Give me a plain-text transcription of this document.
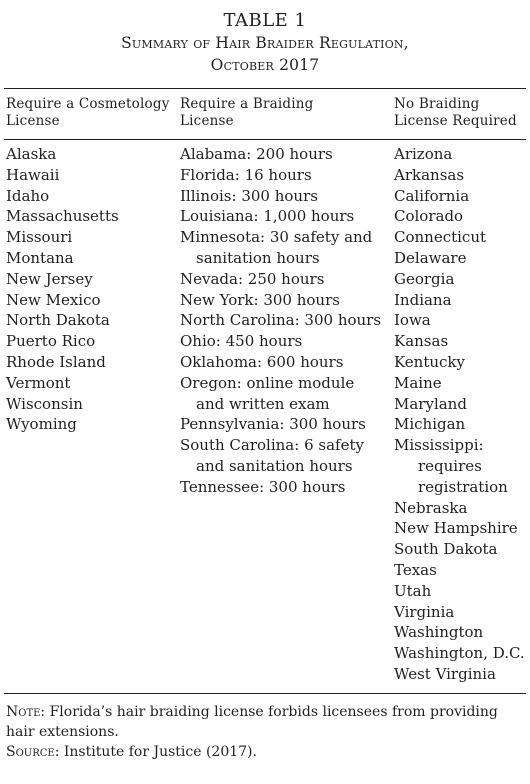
TABLE 1
Summary of Hair Braider Regulation,
October 2017
Require a Cosmetology
License
Require a Braiding
License
No Braiding
License Required
Alaska
Hawaii
Idaho
Massachusetts
Missouri
Montana
New Jersey
New Mexico
North Dakota
Puerto Rico
Rhode Island
Vermont
Wisconsin
Wyoming
Alabama: 200 hours
Florida: 16 hours
Illinois: 300 hours
Louisiana: 1,000 hours
Minnesota: 30 safety and
sanitation hours
Nevada: 250 hours
New York: 300 hours
North Carolina: 300 hours
Ohio: 450 hours
Oklahoma: 600 hours
Oregon: online module
and written exam
Pennsylvania: 300 hours
South Carolina: 6 safety
and sanitation hours
Tennessee: 300 hours
Arizona
Arkansas
California
Colorado
Connecticut
Delaware
Georgia
Indiana
Iowa
Kansas
Kentucky
Maine
Maryland
Michigan
Mississippi:
requires
registration
Nebraska
New Hampshire
South Dakota
Texas
Utah
Virginia
Washington
Washington, D.C.
West Virginia
Note: Florida’s hair braiding license forbids licensees from providing hair extensions.
Source: Institute for Justice (2017).
